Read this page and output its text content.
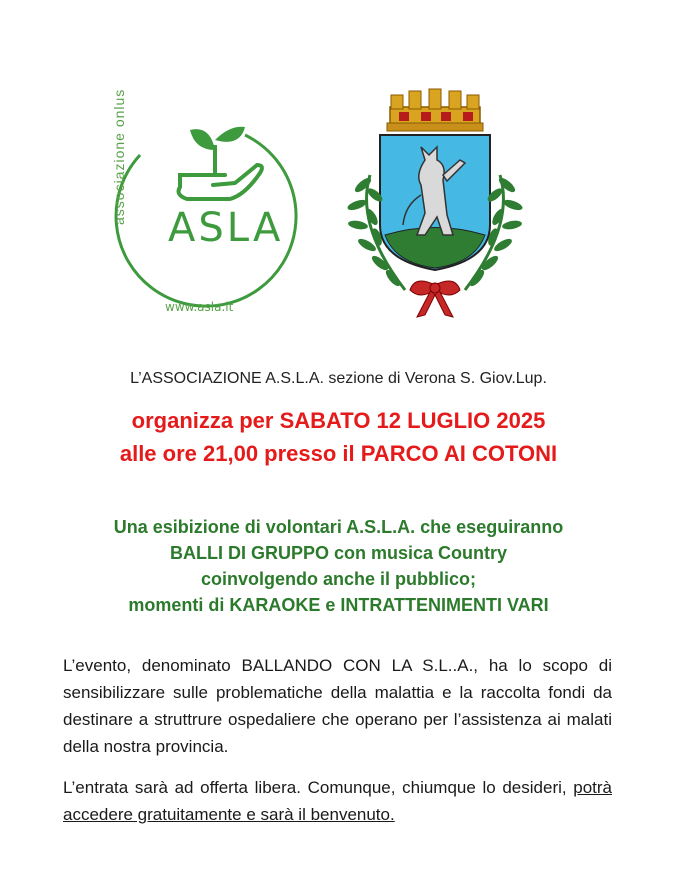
ASLA
associazione onlus
www.asla.it
L’ASSOCIAZIONE A.S.L.A. sezione di Verona S. Giov.Lup.
organizza per SABATO 12 LUGLIO 2025
alle ore 21,00 presso il PARCO AI COTONI
Una esibizione di volontari A.S.L.A. che eseguiranno
BALLI DI GRUPPO con musica Country
coinvolgendo anche il pubblico;
momenti di KARAOKE e INTRATTENIMENTI VARI

L’evento, denominato BALLANDO CON LA S.L..A., ha lo scopo di sensibilizzare sulle problematiche della malattia e la raccolta fondi da destinare a struttrure ospedaliere che operano per l’assistenza ai malati della nostra provincia.

L’entrata sarà ad offerta libera. Comunque, chiumque lo desideri, potrà accedere gratuitamente e sarà il benvenuto.
